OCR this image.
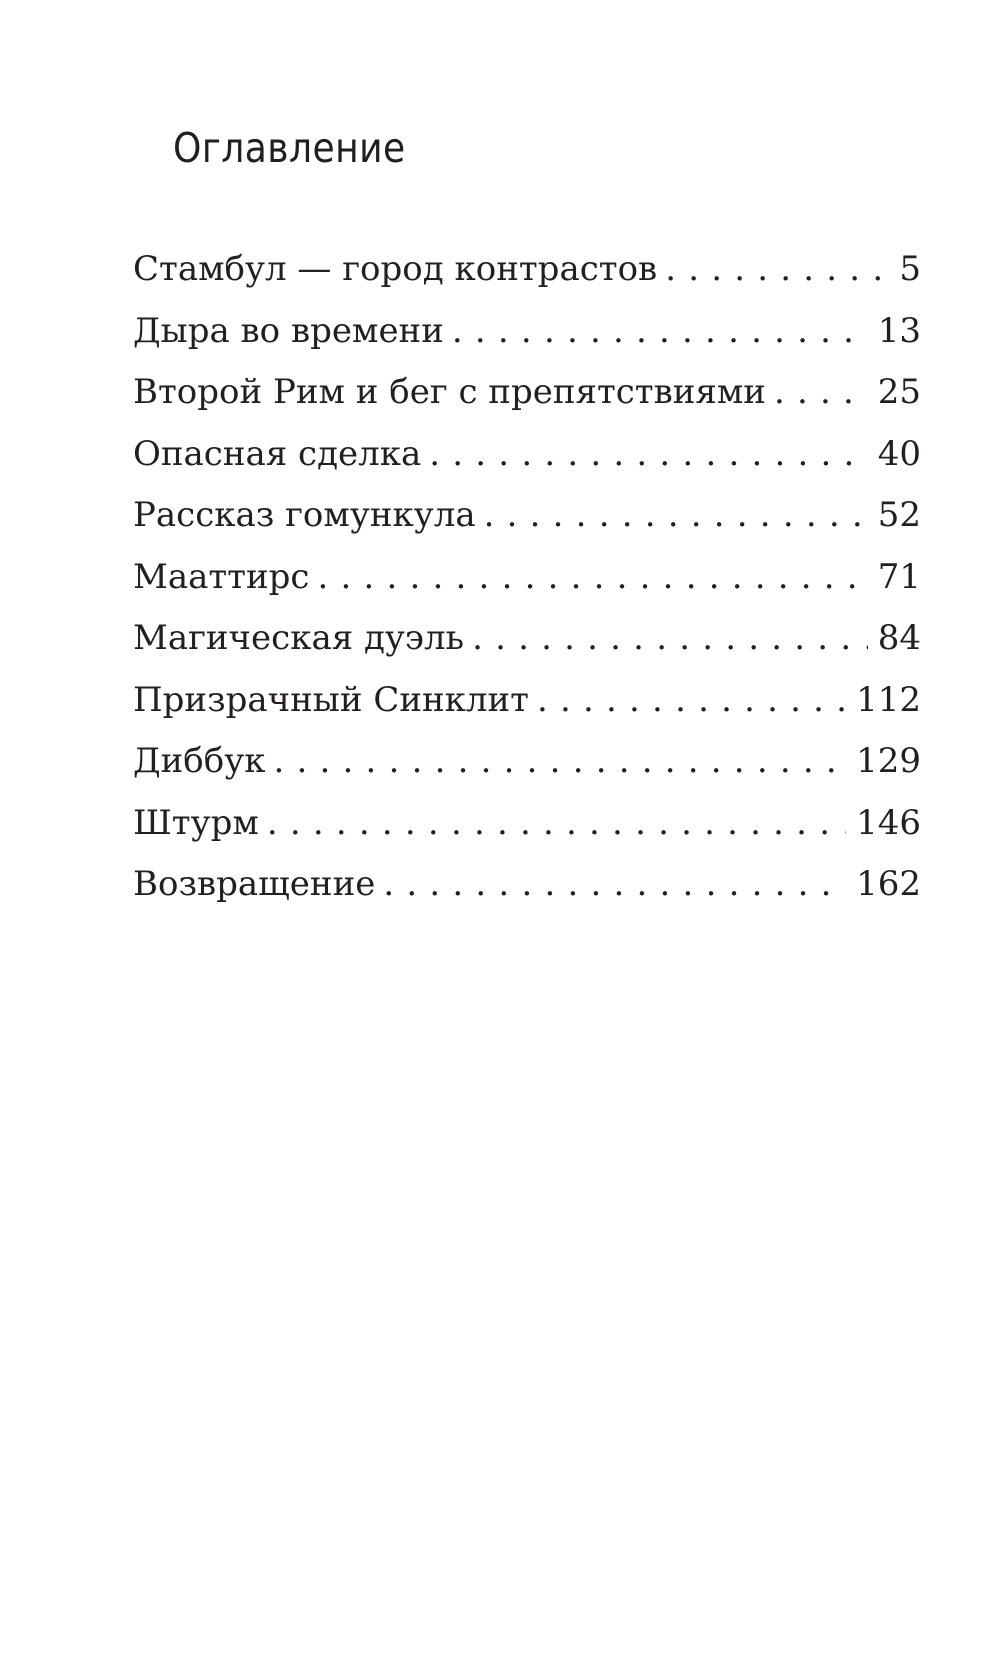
Оглавление
Стамбул — город контрастов . . .	5
Дыра во времени . . .	13
Второй Рим и бег с препятствиями . . .	25
Опасная сделка . . .	40
Рассказ гомункула . . .	52
Мааттирс . . .	71
Магическая дуэль . . .	84
Призрачный Синклит . . .	112
Диббук . . .	129
Штурм . . .	146
Возвращение . . .	162
